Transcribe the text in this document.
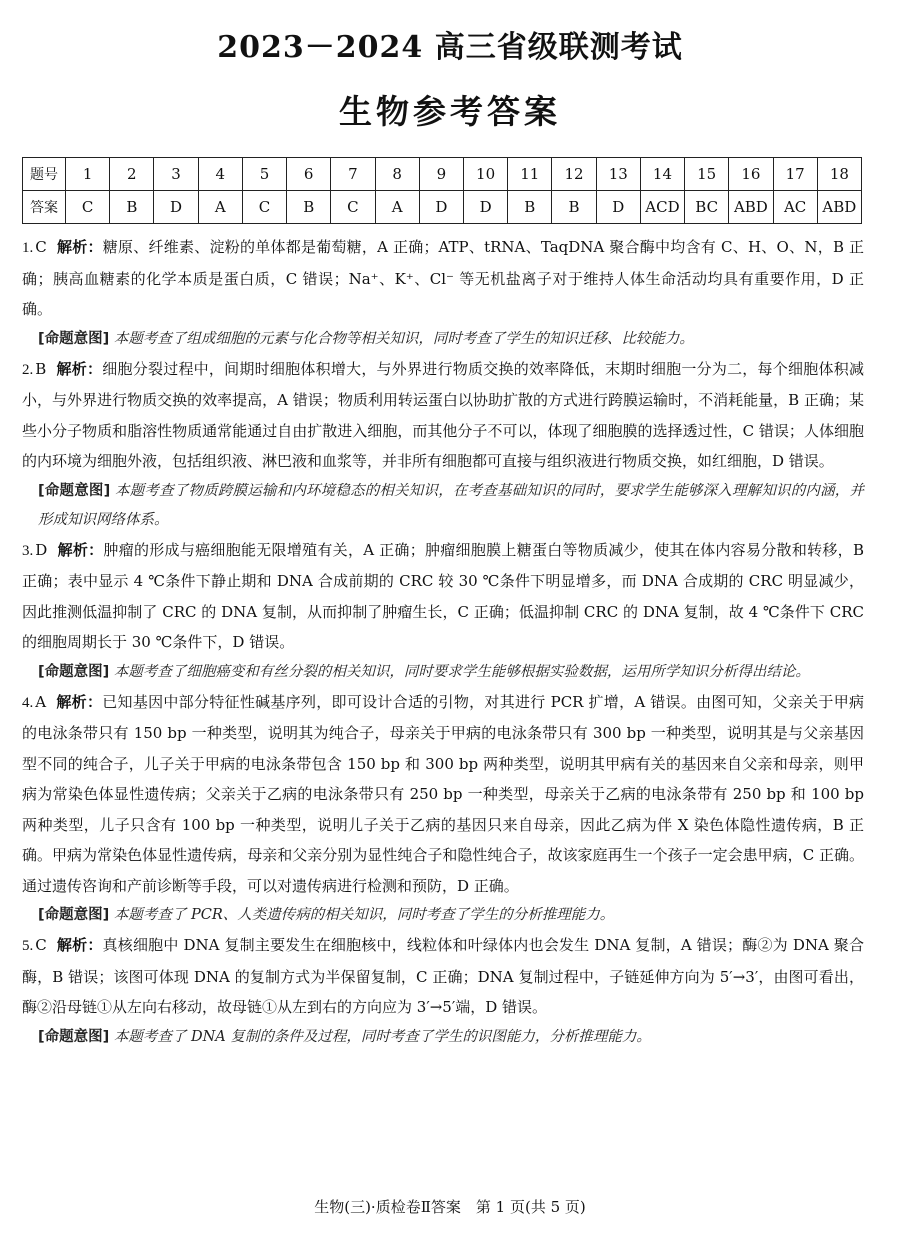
2023－2024 高三省级联测考试
生物参考答案
题号	1	2	3	4	5	6	7	8	9	10	11	12	13	14	15	16	17	18
答案	C	B	D	A	C	B	C	A	D	D	B	B	D	ACD	BC	ABD	AC	ABD

1. C 解析：糖原、纤维素、淀粉的单体都是葡萄糖，A 正确；ATP、tRNA、TaqDNA 聚合酶中均含有 C、H、O、N，B 正确；胰高血糖素的化学本质是蛋白质，C 错误；Na⁺、K⁺、Cl⁻ 等无机盐离子对于维持人体生命活动均具有重要作用，D 正确。

[命题意图] 本题考查了组成细胞的元素与化合物等相关知识，同时考查了学生的知识迁移、比较能力。

2. B 解析：细胞分裂过程中，间期时细胞体积增大，与外界进行物质交换的效率降低，末期时细胞一分为二，每个细胞体积减小，与外界进行物质交换的效率提高，A 错误；物质利用转运蛋白以协助扩散的方式进行跨膜运输时，不消耗能量，B 正确；某些小分子物质和脂溶性物质通常能通过自由扩散进入细胞，而其他分子不可以，体现了细胞膜的选择透过性，C 错误；人体细胞的内环境为细胞外液，包括组织液、淋巴液和血浆等，并非所有细胞都可直接与组织液进行物质交换，如红细胞，D 错误。

[命题意图] 本题考查了物质跨膜运输和内环境稳态的相关知识，在考查基础知识的同时，要求学生能够深入理解知识的内涵，并形成知识网络体系。

3. D 解析：肿瘤的形成与癌细胞能无限增殖有关，A 正确；肿瘤细胞膜上糖蛋白等物质减少，使其在体内容易分散和转移，B 正确；表中显示 4 ℃条件下静止期和 DNA 合成前期的 CRC 较 30 ℃条件下明显增多，而 DNA 合成期的 CRC 明显减少，因此推测低温抑制了 CRC 的 DNA 复制，从而抑制了肿瘤生长，C 正确；低温抑制 CRC 的 DNA 复制，故 4 ℃条件下 CRC 的细胞周期长于 30 ℃条件下，D 错误。

[命题意图] 本题考查了细胞癌变和有丝分裂的相关知识，同时要求学生能够根据实验数据，运用所学知识分析得出结论。

4. A 解析：已知基因中部分特征性碱基序列，即可设计合适的引物，对其进行 PCR 扩增，A 错误。由图可知，父亲关于甲病的电泳条带只有 150 bp 一种类型，说明其为纯合子，母亲关于甲病的电泳条带只有 300 bp 一种类型，说明其是与父亲基因型不同的纯合子，儿子关于甲病的电泳条带包含 150 bp 和 300 bp 两种类型，说明其甲病有关的基因来自父亲和母亲，则甲病为常染色体显性遗传病；父亲关于乙病的电泳条带只有 250 bp 一种类型，母亲关于乙病的电泳条带有 250 bp 和 100 bp 两种类型，儿子只含有 100 bp 一种类型，说明儿子关于乙病的基因只来自母亲，因此乙病为伴 X 染色体隐性遗传病，B 正确。甲病为常染色体显性遗传病，母亲和父亲分别为显性纯合子和隐性纯合子，故该家庭再生一个孩子一定会患甲病，C 正确。通过遗传咨询和产前诊断等手段，可以对遗传病进行检测和预防，D 正确。

[命题意图] 本题考查了 PCR、人类遗传病的相关知识，同时考查了学生的分析推理能力。

5. C 解析：真核细胞中 DNA 复制主要发生在细胞核中，线粒体和叶绿体内也会发生 DNA 复制，A 错误；酶②为 DNA 聚合酶，B 错误；该图可体现 DNA 的复制方式为半保留复制，C 正确；DNA 复制过程中，子链延伸方向为 5′→3′，由图可看出，酶②沿母链①从左向右移动，故母链①从左到右的方向应为 3′→5′端，D 错误。

[命题意图] 本题考查了 DNA 复制的条件及过程，同时考查了学生的识图能力，分析推理能力。

生物(三)·质检卷Ⅱ答案　第 1 页(共 5 页)
